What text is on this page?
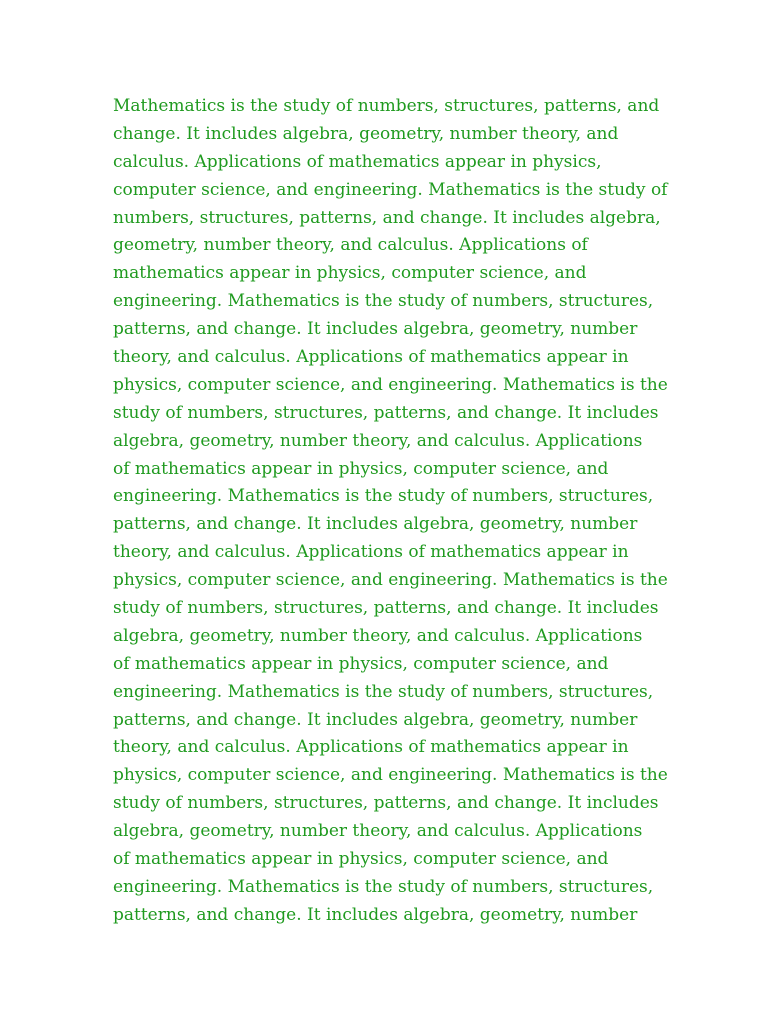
Mathematics is the study of numbers, structures, patterns, and
change. It includes algebra, geometry, number theory, and
calculus. Applications of mathematics appear in physics,
computer science, and engineering. Mathematics is the study of
numbers, structures, patterns, and change. It includes algebra,
geometry, number theory, and calculus. Applications of
mathematics appear in physics, computer science, and
engineering. Mathematics is the study of numbers, structures,
patterns, and change. It includes algebra, geometry, number
theory, and calculus. Applications of mathematics appear in
physics, computer science, and engineering. Mathematics is the
study of numbers, structures, patterns, and change. It includes
algebra, geometry, number theory, and calculus. Applications
of mathematics appear in physics, computer science, and
engineering. Mathematics is the study of numbers, structures,
patterns, and change. It includes algebra, geometry, number
theory, and calculus. Applications of mathematics appear in
physics, computer science, and engineering. Mathematics is the
study of numbers, structures, patterns, and change. It includes
algebra, geometry, number theory, and calculus. Applications
of mathematics appear in physics, computer science, and
engineering. Mathematics is the study of numbers, structures,
patterns, and change. It includes algebra, geometry, number
theory, and calculus. Applications of mathematics appear in
physics, computer science, and engineering. Mathematics is the
study of numbers, structures, patterns, and change. It includes
algebra, geometry, number theory, and calculus. Applications
of mathematics appear in physics, computer science, and
engineering. Mathematics is the study of numbers, structures,
patterns, and change. It includes algebra, geometry, number
